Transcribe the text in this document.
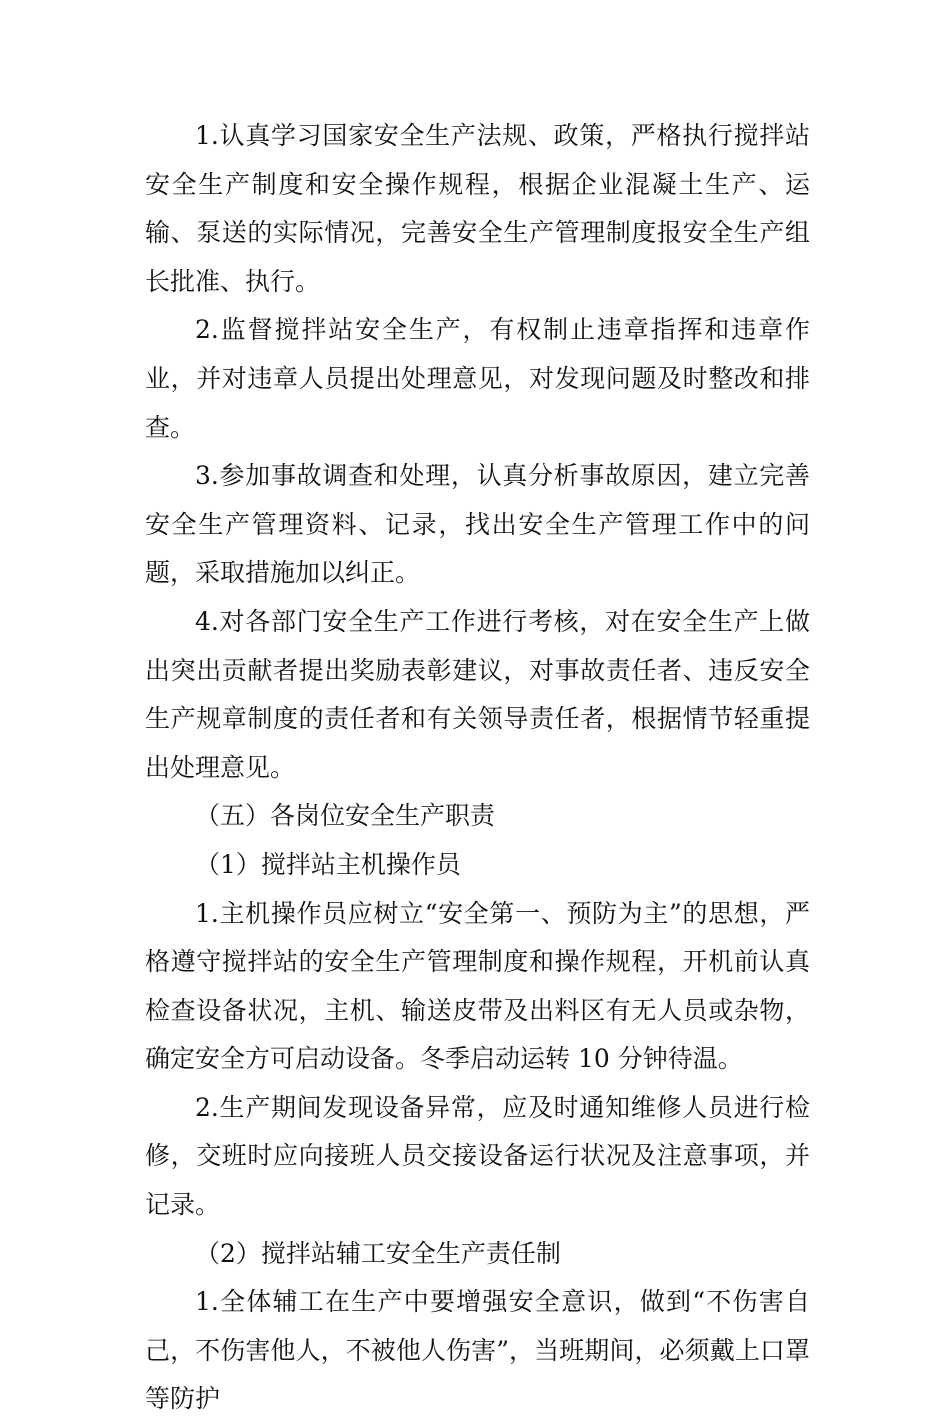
1.认真学习国家安全生产法规、政策，严格执行搅拌站安全生产制度和安全操作规程，根据企业混凝土生产、运输、泵送的实际情况，完善安全生产管理制度报安全生产组长批准、执行。

2.监督搅拌站安全生产，有权制止违章指挥和违章作业，并对违章人员提出处理意见，对发现问题及时整改和排查。

3.参加事故调查和处理，认真分析事故原因，建立完善安全生产管理资料、记录，找出安全生产管理工作中的问题，采取措施加以纠正。

4.对各部门安全生产工作进行考核，对在安全生产上做出突出贡献者提出奖励表彰建议，对事故责任者、违反安全生产规章制度的责任者和有关领导责任者，根据情节轻重提出处理意见。

（五）各岗位安全生产职责

（1）搅拌站主机操作员

1.主机操作员应树立“安全第一、预防为主”的思想，严格遵守搅拌站的安全生产管理制度和操作规程，开机前认真检查设备状况，主机、输送皮带及出料区有无人员或杂物，确定安全方可启动设备。冬季启动运转 10 分钟待温。

2.生产期间发现设备异常，应及时通知维修人员进行检修，交班时应向接班人员交接设备运行状况及注意事项，并记录。

（2）搅拌站辅工安全生产责任制

1.全体辅工在生产中要增强安全意识，做到“不伤害自己，不伤害他人，不被他人伤害”，当班期间，必须戴上口罩等防护
